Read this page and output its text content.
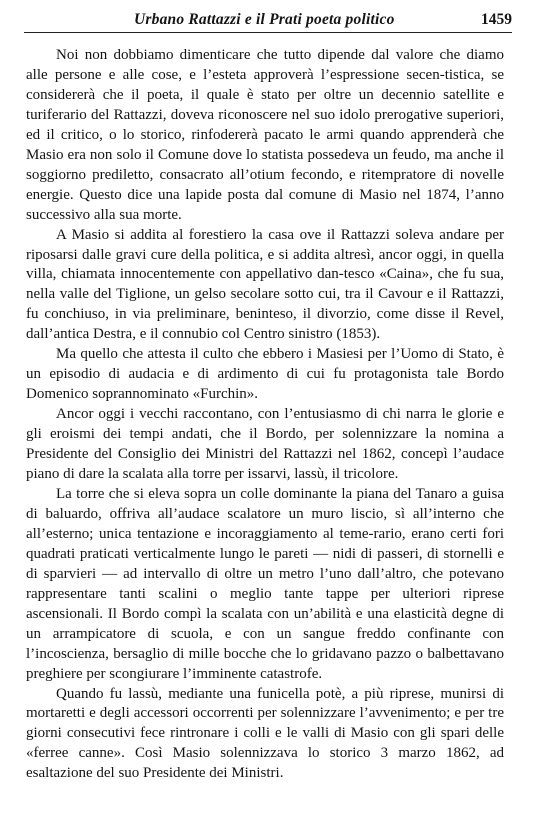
Urbano Rattazzi e il Prati poeta politico	1459

Noi non dobbiamo dimenticare che tutto dipende dal valore che diamo alle persone e alle cose, e l’esteta approverà l’espressione secen-tistica, se considererà che il poeta, il quale è stato per oltre un decennio satellite e turiferario del Rattazzi, doveva riconoscere nel suo idolo prerogative superiori, ed il critico, o lo storico, rinfodererà pacato le armi quando apprenderà che Masio era non solo il Comune dove lo statista possedeva un feudo, ma anche il soggiorno prediletto, consacrato all’otium fecondo, e ritempratore di novelle energie. Questo dice una lapide posta dal comune di Masio nel 1874, l’anno successivo alla sua morte.

A Masio si addita al forestiero la casa ove il Rattazzi soleva andare per riposarsi dalle gravi cure della politica, e si addita altresì, ancor oggi, in quella villa, chiamata innocentemente con appellativo dan-tesco «Caina», che fu sua, nella valle del Tiglione, un gelso secolare sotto cui, tra il Cavour e il Rattazzi, fu conchiuso, in via preliminare, beninteso, il divorzio, come disse il Revel, dall’antica Destra, e il connubio col Centro sinistro (1853).

Ma quello che attesta il culto che ebbero i Masiesi per l’Uomo di Stato, è un episodio di audacia e di ardimento di cui fu protagonista tale Bordo Domenico soprannominato «Furchin».

Ancor oggi i vecchi raccontano, con l’entusiasmo di chi narra le glorie e gli eroismi dei tempi andati, che il Bordo, per solennizzare la nomina a Presidente del Consiglio dei Ministri del Rattazzi nel 1862, concepì l’audace piano di dare la scalata alla torre per issarvi, lassù, il tricolore.

La torre che si eleva sopra un colle dominante la piana del Tanaro a guisa di baluardo, offriva all’audace scalatore un muro liscio, sì all’interno che all’esterno; unica tentazione e incoraggiamento al teme-rario, erano certi fori quadrati praticati verticalmente lungo le pareti — nidi di passeri, di stornelli e di sparvieri — ad intervallo di oltre un metro l’uno dall’altro, che potevano rappresentare tanti scalini o meglio tante tappe per ulteriori riprese ascensionali. Il Bordo compì la scalata con un’abilità e una elasticità degne di un arrampicatore di scuola, e con un sangue freddo confinante con l’incoscienza, bersaglio di mille bocche che lo gridavano pazzo o balbettavano preghiere per scongiurare l’imminente catastrofe.

Quando fu lassù, mediante una funicella potè, a più riprese, munirsi di mortaretti e degli accessori occorrenti per solennizzare l’avvenimento; e per tre giorni consecutivi fece rintronare i colli e le valli di Masio con gli spari delle «ferree canne». Così Masio solennizzava lo storico 3 marzo 1862, ad esaltazione del suo Presidente dei Ministri.
